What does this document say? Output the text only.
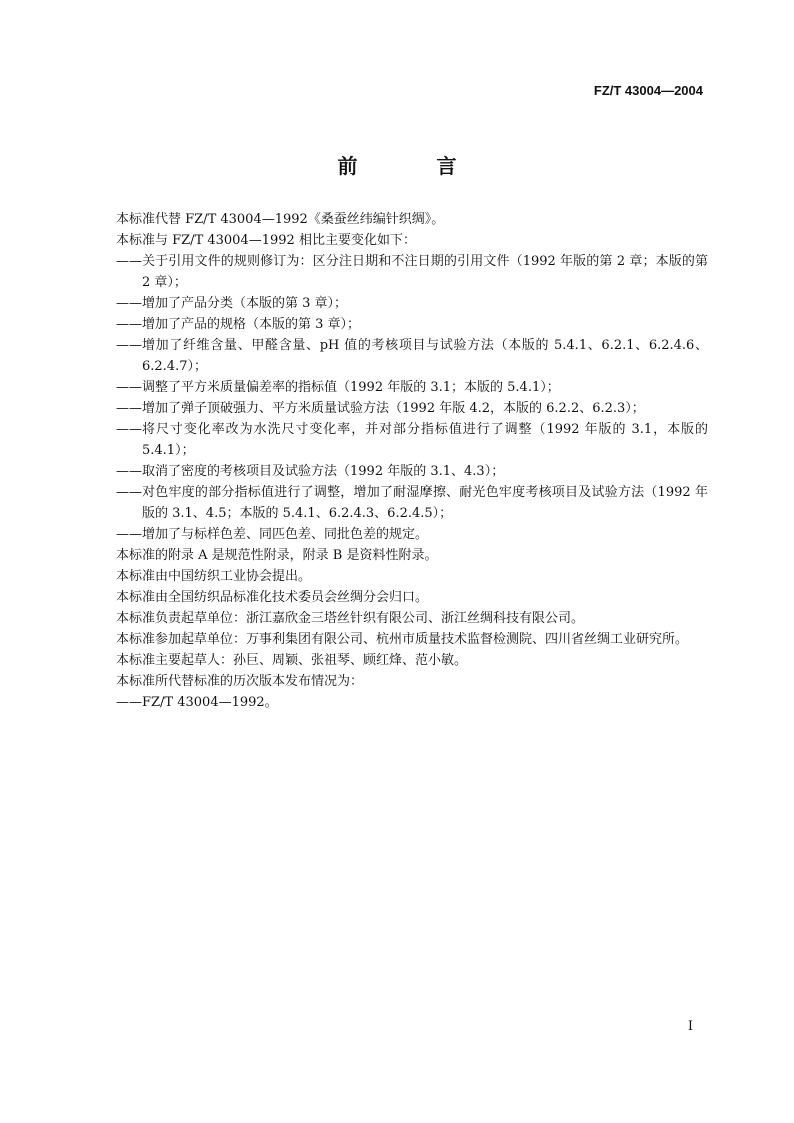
FZ/T 43004—2004
前 言
本标准代替 FZ/T 43004—1992《桑蚕丝纬编针织绸》。
本标准与 FZ/T 43004—1992 相比主要变化如下：
—— 关于引用文件的规则修订为：区分注日期和不注日期的引用文件（1992 年版的第 2 章；本版的第 2 章）；
—— 增加了产品分类（本版的第 3 章）；
—— 增加了产品的规格（本版的第 3 章）；
—— 增加了纤维含量、甲醛含量、pH 值的考核项目与试验方法（本版的 5.4.1、6.2.1、6.2.4.6、6.2.4.7）；
—— 调整了平方米质量偏差率的指标值（1992 年版的 3.1；本版的 5.4.1）；
—— 增加了弹子顶破强力、平方米质量试验方法（1992 年版 4.2，本版的 6.2.2、6.2.3）；
—— 将尺寸变化率改为水洗尺寸变化率，并对部分指标值进行了调整（1992 年版的 3.1，本版的5.4.1）；
—— 取消了密度的考核项目及试验方法（1992 年版的 3.1、4.3）；
—— 对色牢度的部分指标值进行了调整，增加了耐湿摩擦、耐光色牢度考核项目及试验方法（1992 年版的 3.1、4.5；本版的 5.4.1、6.2.4.3、6.2.4.5）；
—— 增加了与标样色差、同匹色差、同批色差的规定。
本标准的附录 A 是规范性附录，附录 B 是资料性附录。
本标准由中国纺织工业协会提出。
本标准由全国纺织品标准化技术委员会丝绸分会归口。
本标准负责起草单位：浙江嘉欣金三塔丝针织有限公司、浙江丝绸科技有限公司。
本标准参加起草单位：万事利集团有限公司、杭州市质量技术监督检测院、四川省丝绸工业研究所。
本标准主要起草人：孙巨、周颖、张祖琴、顾红烽、范小敏。
本标准所代替标准的历次版本发布情况为：
—— FZ/T 43004—1992。
I
